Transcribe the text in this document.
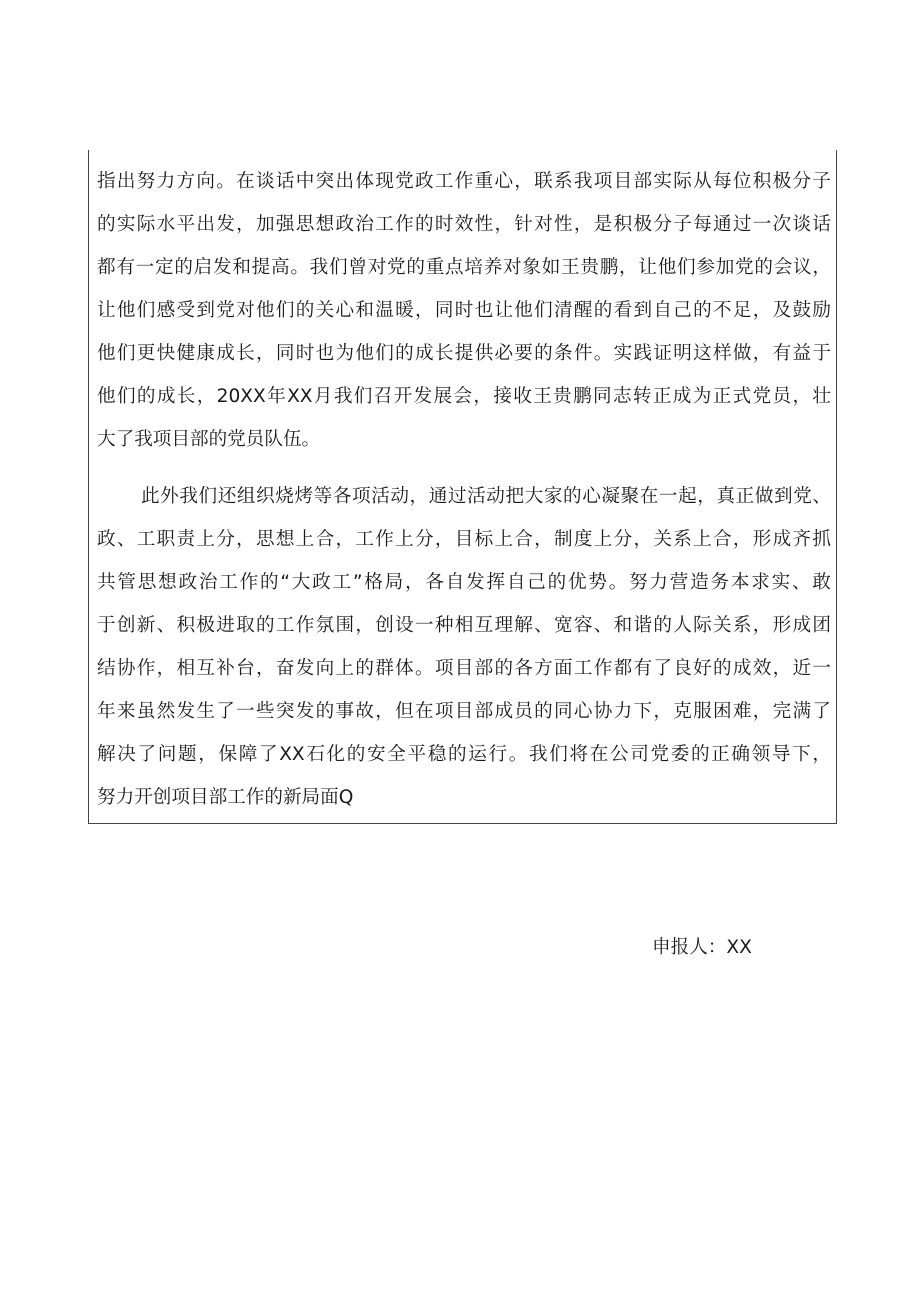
指出努力方向。在谈话中突出体现党政工作重心，联系我项目部实际从每位积极分子
的实际水平出发，加强思想政治工作的时效性，针对性，是积极分子每通过一次谈话
都有一定的启发和提高。我们曾对党的重点培养对象如王贵鹏，让他们参加党的会议，
让他们感受到党对他们的关心和温暖，同时也让他们清醒的看到自己的不足，及鼓励
他们更快健康成长，同时也为他们的成长提供必要的条件。实践证明这样做，有益于
他们的成长，20XX年XX月我们召开发展会，接收王贵鹏同志转正成为正式党员，壮
大了我项目部的党员队伍。
此外我们还组织烧烤等各项活动，通过活动把大家的心凝聚在一起，真正做到党、
政、工职责上分，思想上合，工作上分，目标上合，制度上分，关系上合，形成齐抓
共管思想政治工作的“大政工”格局，各自发挥自己的优势。努力营造务本求实、敢
于创新、积极进取的工作氛围，创设一种相互理解、宽容、和谐的人际关系，形成团
结协作，相互补台，奋发向上的群体。项目部的各方面工作都有了良好的成效，近一
年来虽然发生了一些突发的事故，但在项目部成员的同心协力下，克服困难，完满了
解决了问题，保障了XX石化的安全平稳的运行。我们将在公司党委的正确领导下，
努力开创项目部工作的新局面Q
申报人：XX
